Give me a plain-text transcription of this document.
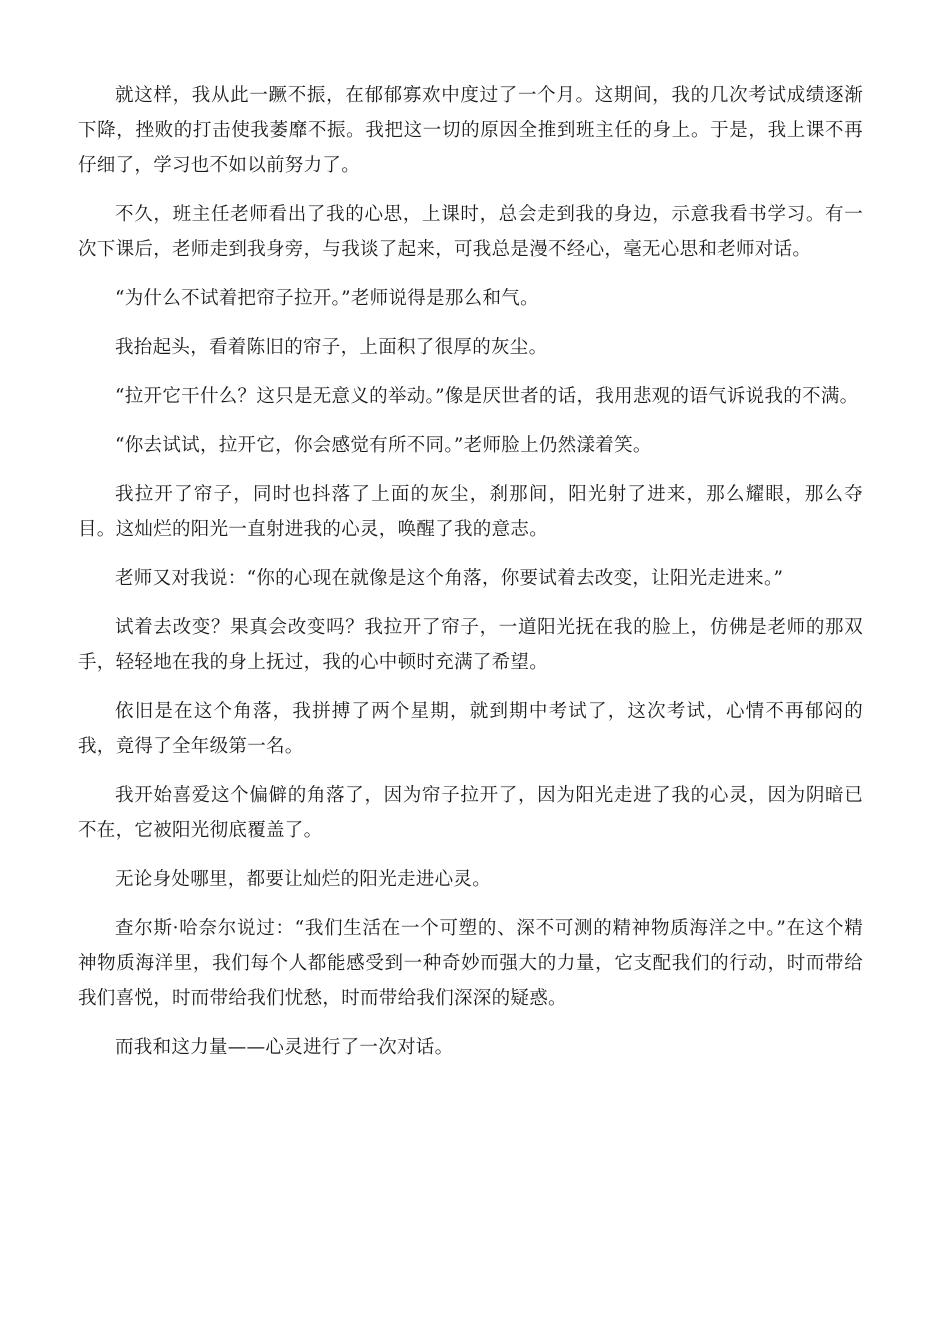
就这样，我从此一蹶不振，在郁郁寡欢中度过了一个月。这期间，我的几次考试成绩逐渐下降，挫败的打击使我萎靡不振。我把这一切的原因全推到班主任的身上。于是，我上课不再仔细了，学习也不如以前努力了。

不久，班主任老师看出了我的心思，上课时，总会走到我的身边，示意我看书学习。有一次下课后，老师走到我身旁，与我谈了起来，可我总是漫不经心，毫无心思和老师对话。

“为什么不试着把帘子拉开。”老师说得是那么和气。

我抬起头，看着陈旧的帘子，上面积了很厚的灰尘。

“拉开它干什么？这只是无意义的举动。”像是厌世者的话，我用悲观的语气诉说我的不满。

“你去试试，拉开它，你会感觉有所不同。”老师脸上仍然漾着笑。

我拉开了帘子，同时也抖落了上面的灰尘，刹那间，阳光射了进来，那么耀眼，那么夺目。这灿烂的阳光一直射进我的心灵，唤醒了我的意志。

老师又对我说：“你的心现在就像是这个角落，你要试着去改变，让阳光走进来。”

试着去改变？果真会改变吗？我拉开了帘子，一道阳光抚在我的脸上，仿佛是老师的那双手，轻轻地在我的身上抚过，我的心中顿时充满了希望。

依旧是在这个角落，我拼搏了两个星期，就到期中考试了，这次考试，心情不再郁闷的我，竟得了全年级第一名。

我开始喜爱这个偏僻的角落了，因为帘子拉开了，因为阳光走进了我的心灵，因为阴暗已不在，它被阳光彻底覆盖了。

无论身处哪里，都要让灿烂的阳光走进心灵。

查尔斯·哈奈尔说过：“我们生活在一个可塑的、深不可测的精神物质海洋之中。”在这个精神物质海洋里，我们每个人都能感受到一种奇妙而强大的力量，它支配我们的行动，时而带给我们喜悦，时而带给我们忧愁，时而带给我们深深的疑惑。

而我和这力量——心灵进行了一次对话。
